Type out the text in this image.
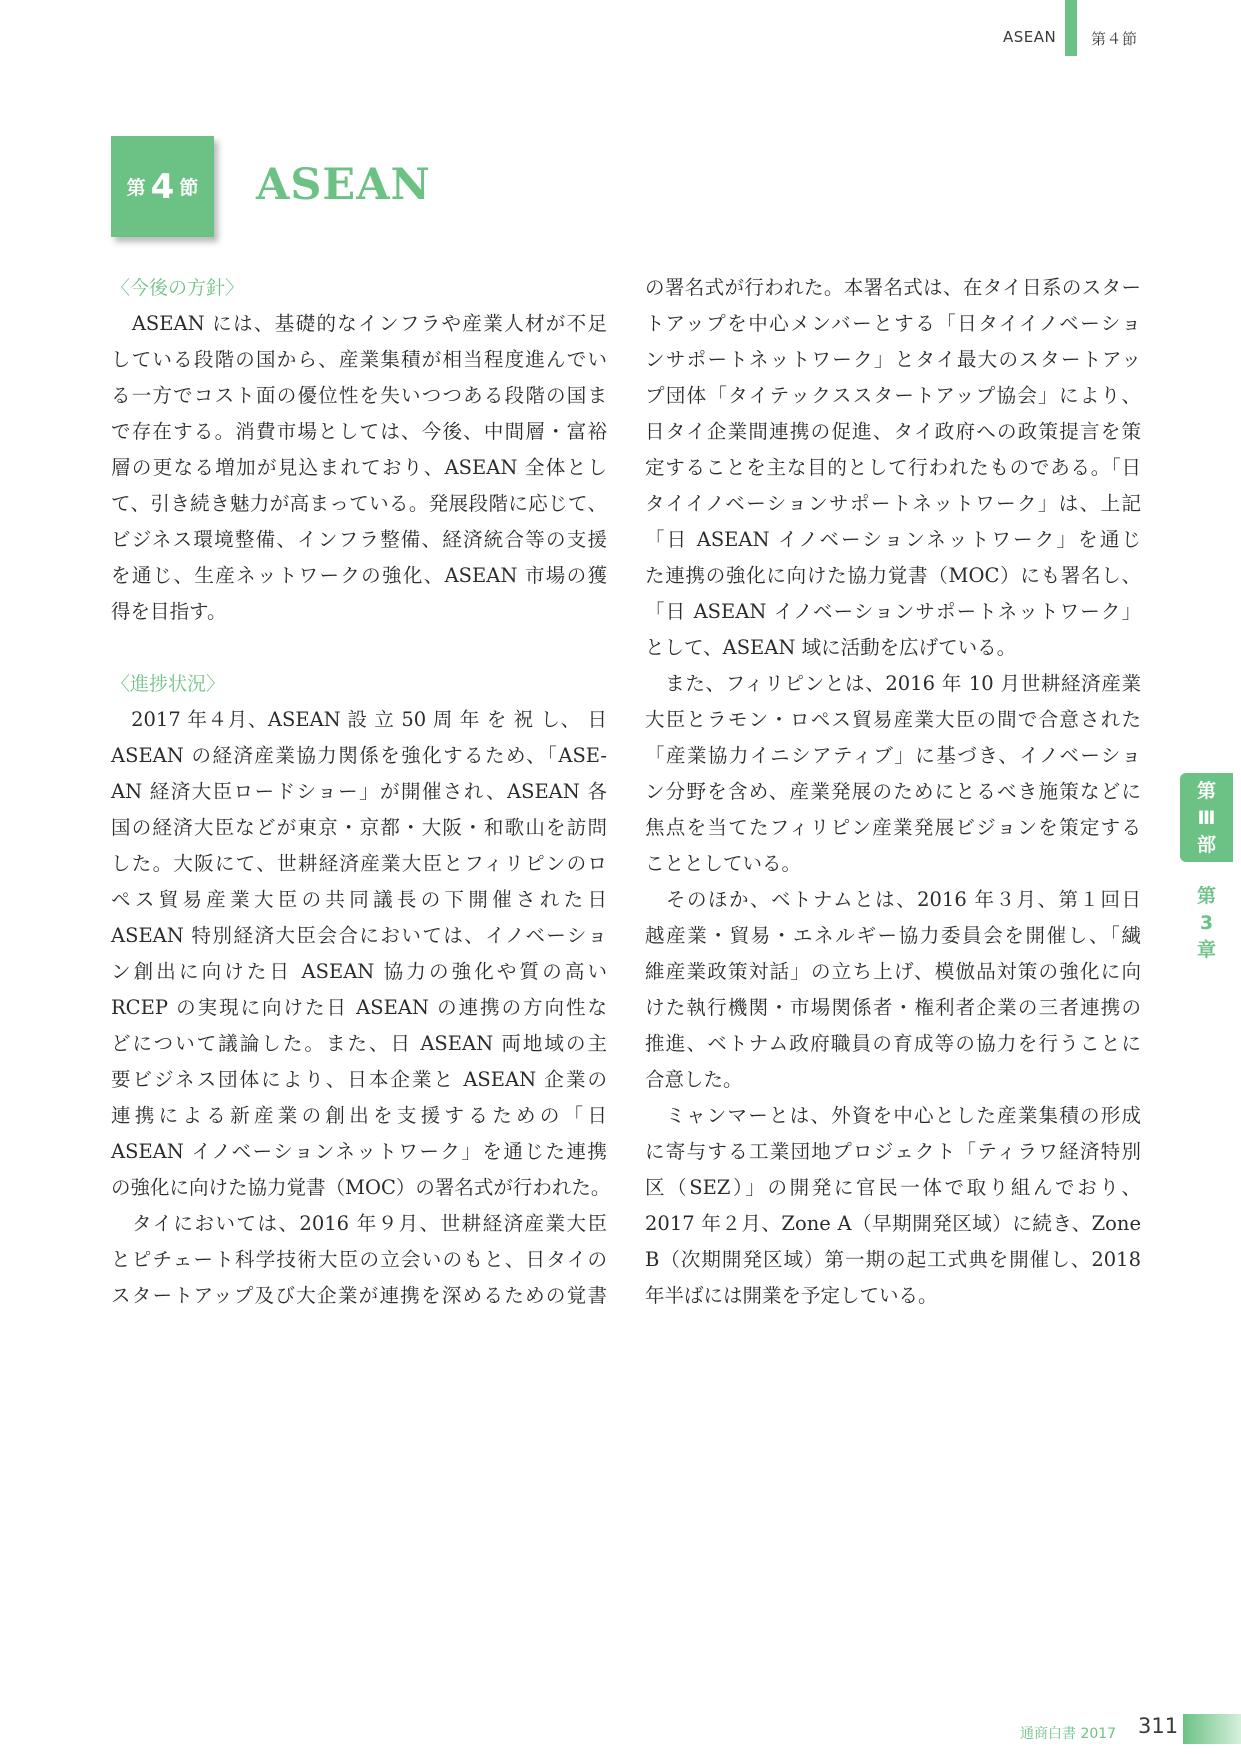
ASEAN 第４節
第 4 節 ASEAN
〈今後の方針〉
　ASEAN には、基礎的なインフラや産業人材が不足
している段階の国から、産業集積が相当程度進んでい
る一方でコスト面の優位性を失いつつある段階の国ま
で存在する。消費市場としては、今後、中間層・富裕
層の更なる増加が見込まれており、ASEAN 全体とし
て、引き続き魅力が高まっている。発展段階に応じて、
ビジネス環境整備、インフラ整備、経済統合等の支援
を通じ、生産ネットワークの強化、ASEAN 市場の獲
得を目指す。
〈進捗状況〉
　2017 年４月、ASEAN 設 立 50 周 年 を 祝 し、 日
ASEAN の経済産業協力関係を強化するため、「ASE-
AN 経済大臣ロードショー」が開催され、ASEAN 各
国の経済大臣などが東京・京都・大阪・和歌山を訪問
した。大阪にて、世耕経済産業大臣とフィリピンのロ
ペス貿易産業大臣の共同議長の下開催された日
ASEAN 特別経済大臣会合においては、イノベーショ
ン創出に向けた日 ASEAN 協力の強化や質の高い
RCEP の実現に向けた日 ASEAN の連携の方向性な
どについて議論した。また、日 ASEAN 両地域の主
要ビジネス団体により、日本企業と ASEAN 企業の
連携による新産業の創出を支援するための「日
ASEAN イノベーションネットワーク」を通じた連携
の強化に向けた協力覚書（MOC）の署名式が行われた。
　タイにおいては、2016 年９月、世耕経済産業大臣
とピチェート科学技術大臣の立会いのもと、日タイの
スタートアップ及び大企業が連携を深めるための覚書
の署名式が行われた。本署名式は、在タイ日系のスター
トアップを中心メンバーとする「日タイイノベーショ
ンサポートネットワーク」とタイ最大のスタートアッ
プ団体「タイテックススタートアップ協会」により、
日タイ企業間連携の促進、タイ政府への政策提言を策
定することを主な目的として行われたものである。「日
タイイノベーションサポートネットワーク」は、上記
「日 ASEAN イノベーションネットワーク」を通じ
た連携の強化に向けた協力覚書（MOC）にも署名し、
「日 ASEAN イノベーションサポートネットワーク」
として、ASEAN 域に活動を広げている。
　また、フィリピンとは、2016 年 10 月世耕経済産業
大臣とラモン・ロペス貿易産業大臣の間で合意された
「産業協力イニシアティブ」に基づき、イノベーショ
ン分野を含め、産業発展のためにとるべき施策などに
焦点を当てたフィリピン産業発展ビジョンを策定する
こととしている。
　そのほか、ベトナムとは、2016 年３月、第１回日
越産業・貿易・エネルギー協力委員会を開催し、「繊
維産業政策対話」の立ち上げ、模倣品対策の強化に向
けた執行機関・市場関係者・権利者企業の三者連携の
推進、ベトナム政府職員の育成等の協力を行うことに
合意した。
　ミャンマーとは、外資を中心とした産業集積の形成
に寄与する工業団地プロジェクト「ティラワ経済特別
区（SEZ）」の開発に官民一体で取り組んでおり、
2017 年２月、Zone A（早期開発区域）に続き、Zone
B（次期開発区域）第一期の起工式典を開催し、2018
年半ばには開業を予定している。
第
Ⅲ
部
第
3
章
通商白書 2017 311
